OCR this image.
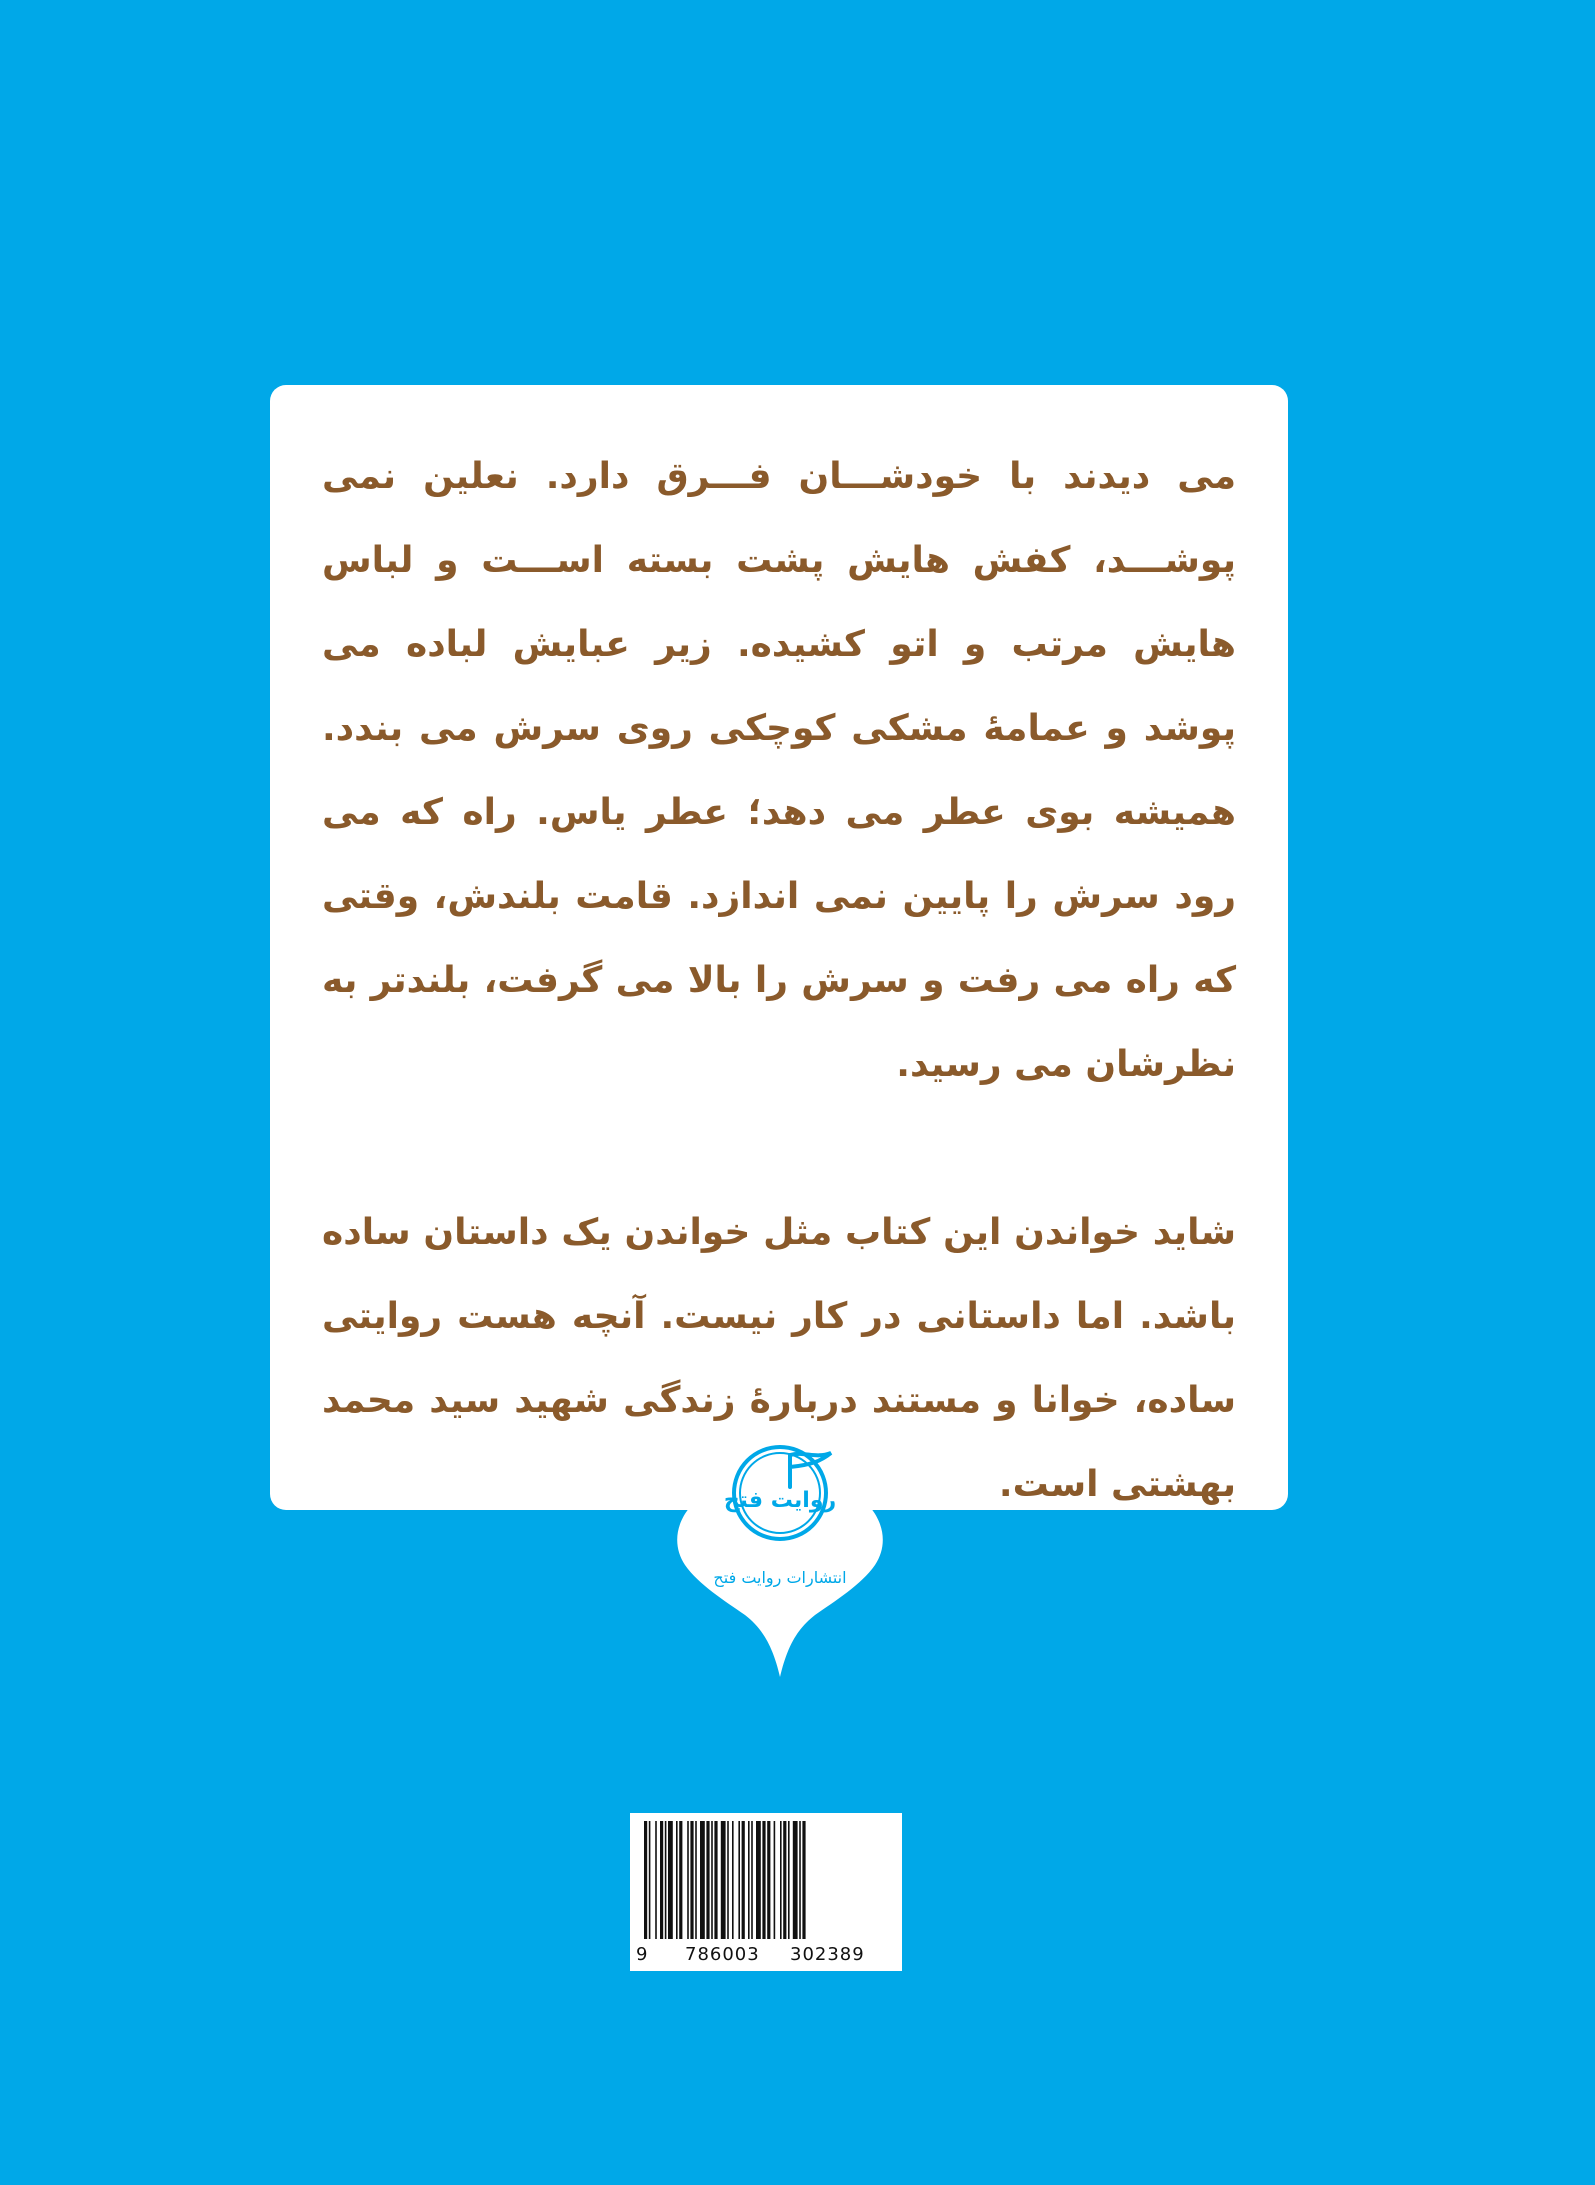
می دیدند با خودشـــان فـــرق دارد. نعلین نمی پوشـــد، کفش هایش پشت بسته اســـت و لباس هایش مرتب و اتو کشیده. زیر عبایش لباده می پوشد و عمامهٔ مشکی کوچکی روی سرش می بندد. همیشه بوی عطر می دهد؛ عطر یاس. راه که می رود سرش را پایین نمی اندازد. قامت بلندش، وقتی که راه می رفت و سرش را بالا می گرفت، بلندتر به نظرشان می رسید.

شاید خواندن این کتاب مثل خواندن یک داستان ساده باشد. اما داستانی در کار نیست. آنچه هست روایتی ساده، خوانا و مستند دربارهٔ زندگی شهید سید محمد بهشتی است.

روایت فتح
انتشارات روایت فتح
9 786003 302389
